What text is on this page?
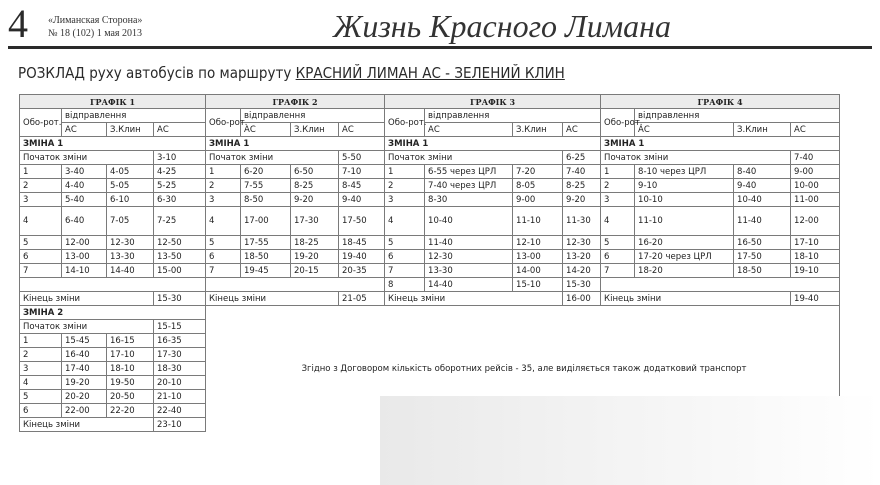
4 «Лиманская Сторона»
№ 18 (102) 1 мая 2013	Жизнь Красного Лимана
РОЗКЛАД руху автобусів по маршруту КРАСНИЙ ЛИМАН АС - ЗЕЛЕНИЙ КЛИН
ГРАФІК 1				ГРАФІК 2				ГРАФІК 3				ГРАФІК 4			
Обо-рот.	відправлення			Обо-рот.	відправлення			Обо-рот.	відправлення			Обо-рот.	відправлення		
	АС	З.Клин	АС		АС	З.Клин	АС		АС	З.Клин	АС		АС	З.Клин	АС
ЗМІНА 1				ЗМІНА 1				ЗМІНА 1				ЗМІНА 1			
Початок зміни			3-10	Початок зміни			5-50	Початок зміни			6-25	Початок зміни			7-40
1	3-40	4-05	4-25	1	6-20	6-50	7-10	1	6-55 через ЦРЛ	7-20	7-40	1	8-10 через ЦРЛ	8-40	9-00
2	4-40	5-05	5-25	2	7-55	8-25	8-45	2	7-40 через ЦРЛ	8-05	8-25	2	9-10	9-40	10-00
3	5-40	6-10	6-30	3	8-50	9-20	9-40	3	8-30	9-00	9-20	3	10-10	10-40	11-00
4	6-40	7-05	7-25	4	17-00	17-30	17-50	4	10-40	11-10	11-30	4	11-10	11-40	12-00
5	12-00	12-30	12-50	5	17-55	18-25	18-45	5	11-40	12-10	12-30	5	16-20	16-50	17-10
6	13-00	13-30	13-50	6	18-50	19-20	19-40	6	12-30	13-00	13-20	6	17-20 через ЦРЛ	17-50	18-10
7	14-10	14-40	15-00	7	19-45	20-15	20-35	7	13-30	14-00	14-20	7	18-20	18-50	19-10
								8	14-40	15-10	15-30				
Кінець зміни			15-30	Кінець зміни			21-05	Кінець зміни			16-00	Кінець зміни			19-40
ЗМІНА 2				Згідно з Договором кількість оборотних рейсів - 35, але виділяється також додатковий транспорт											
Початок зміни			15-15												
1	15-45	16-15	16-35												
2	16-40	17-10	17-30												
3	17-40	18-10	18-30												
4	19-20	19-50	20-10												
5	20-20	20-50	21-10												
6	22-00	22-20	22-40												
Кінець зміни			23-10												
